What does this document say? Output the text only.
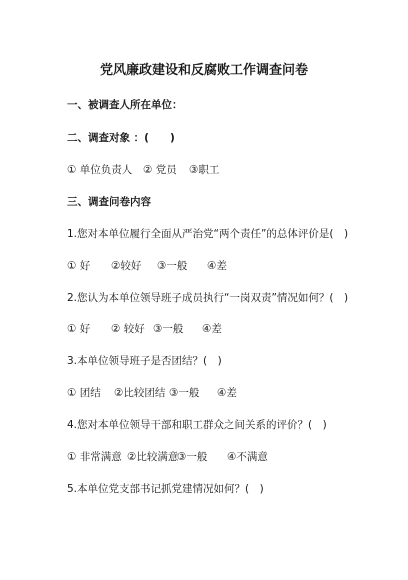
党风廉政建设和反腐败工作调查问卷
一、被调查人所在单位：
二、调查对象 ：(　　)
① 单位负责人 ② 党员 ③职工
三、调查问卷内容
1.您对本单位履行全面从严治党“两个责任”的总体评价是(　)
① 好 ②较好 ③一般 ④差
2.您认为本单位领导班子成员执行“一岗双责”情况如何？(　)
① 好 ② 较好 ③一般 ④差
3.本单位领导班子是否团结？(　)
① 团结 ②比较团结 ③一般 ④差
4.您对本单位领导干部和职工群众之间关系的评价？(　)
① 非常满意 ②比较满意
③一般 ④不满意
5.本单位党支部书记抓党建情况如何？(　)
